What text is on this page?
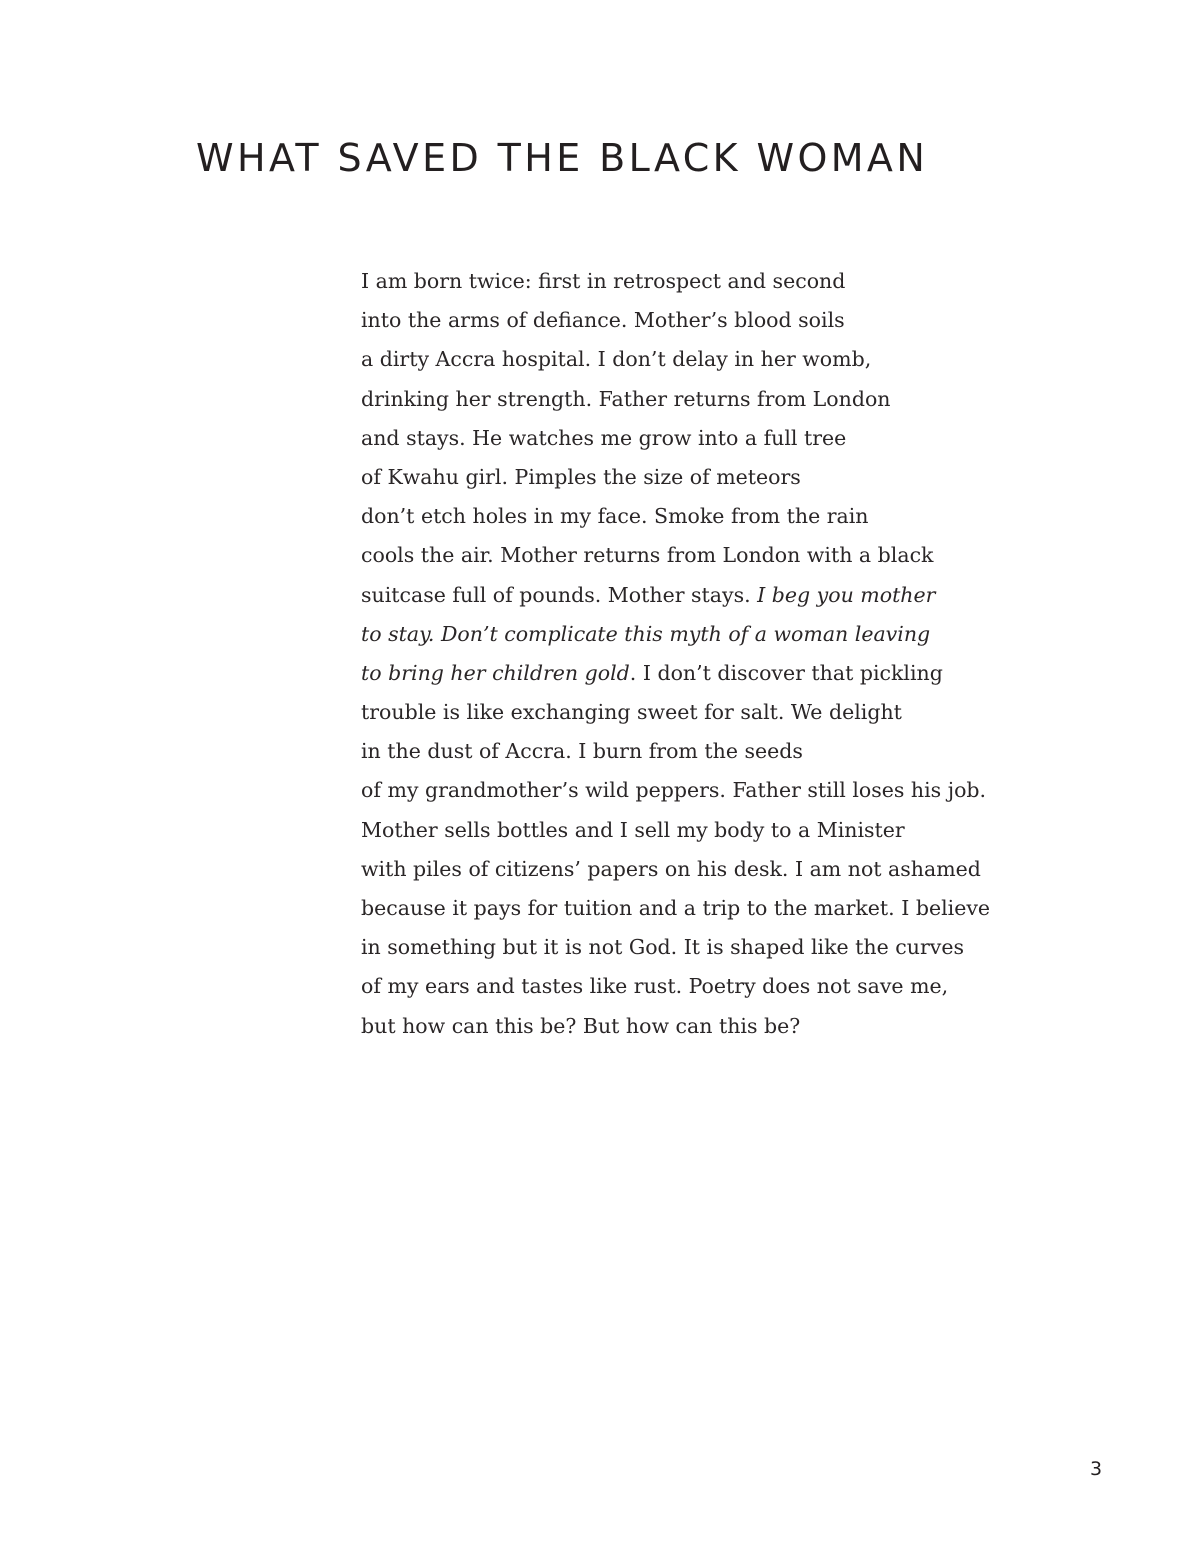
WHAT SAVED THE BLACK WOMAN
I am born twice: first in retrospect and second
into the arms of defiance. Mother’s blood soils
a dirty Accra hospital. I don’t delay in her womb,
drinking her strength. Father returns from London
and stays. He watches me grow into a full tree
of Kwahu girl. Pimples the size of meteors
don’t etch holes in my face. Smoke from the rain
cools the air. Mother returns from London with a black
suitcase full of pounds. Mother stays. I beg you mother
to stay. Don’t complicate this myth of a woman leaving
to bring her children gold. I don’t discover that pickling
trouble is like exchanging sweet for salt. We delight
in the dust of Accra. I burn from the seeds
of my grandmother’s wild peppers. Father still loses his job.
Mother sells bottles and I sell my body to a Minister
with piles of citizens’ papers on his desk. I am not ashamed
because it pays for tuition and a trip to the market. I believe
in something but it is not God. It is shaped like the curves
of my ears and tastes like rust. Poetry does not save me,
but how can this be? But how can this be?
3
